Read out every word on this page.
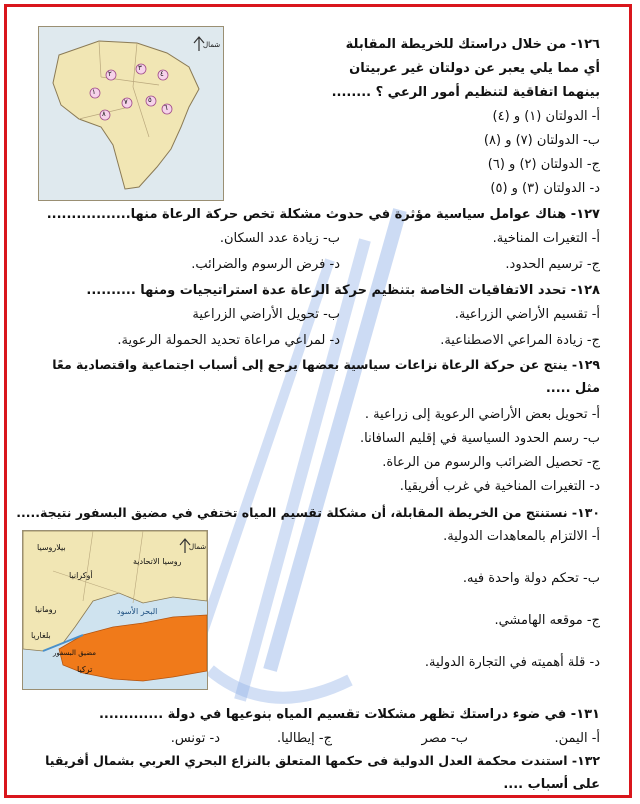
شمال
١
٢
٣
٤
٥
٦
٧
٨
١٢٦- من خلال دراستك للخريطة المقابلة
أي مما يلي يعبر عن دولتان غير عربيتان
بينهما اتفاقية لتنظيم أمور الرعي ؟ ........
أ- الدولتان (١) و (٤)
ب- الدولتان (٧) و (٨)
ج- الدولتان (٢) و (٦)
د- الدولتان (٣) و (٥)
١٢٧- هناك عوامل سياسية مؤثرة في حدوث مشكلة تخص حركة الرعاة منها.................
أ- التغيرات المناخية.
ب- زيادة عدد السكان.
ج- ترسيم الحدود.
د- فرض الرسوم والضرائب.
١٢٨- تحدد الاتفاقيات الخاصة بتنظيم حركة الرعاة عدة استراتيجيات ومنها ..........
أ- تقسيم الأراضي الزراعية.
ب- تحويل الأراضي الزراعية
ج- زيادة المراعي الاصطناعية.
د- لمراعي مراعاة تحديد الحمولة الرعوية.
١٢٩- ينتج عن حركة الرعاة نزاعات سياسية بعضها يرجع إلى أسباب اجتماعية واقتصادية معًا
مثل .....
أ- تحويل بعض الأراضي الرعوية إلى زراعية .
ب- رسم الحدود السياسية في إقليم السافانا.
ج- تحصيل الضرائب والرسوم من الرعاة.
د- التغيرات المناخية في غرب أفريقيا.
١٣٠- نستنتج من الخريطة المقابلة، أن مشكلة تقسيم المياه تختفي في مضيق البسفور نتيجة.....
أ- الالتزام بالمعاهدات الدولية.
ب- تحكم دولة واحدة فيه.
ج- موقعه الهامشي.
د- قلة أهميته في التجارة الدولية.
شمال
بيلاروسيا
روسيا الاتحادية
أوكرانيا
رومانيا	البحر الأسود
بلغاريا
مضيق البسفور
تركيا
١٣١- في ضوء دراستك تظهر مشكلات تقسيم المياه بنوعيها في دولة .............
أ- اليمن.
ب- مصر
ج- إيطاليا.
د- تونس.
١٣٢- استندت محكمة العدل الدولية فى حكمها المتعلق بالنزاع البحري العربي بشمال أفريقيا
على أسباب ....
